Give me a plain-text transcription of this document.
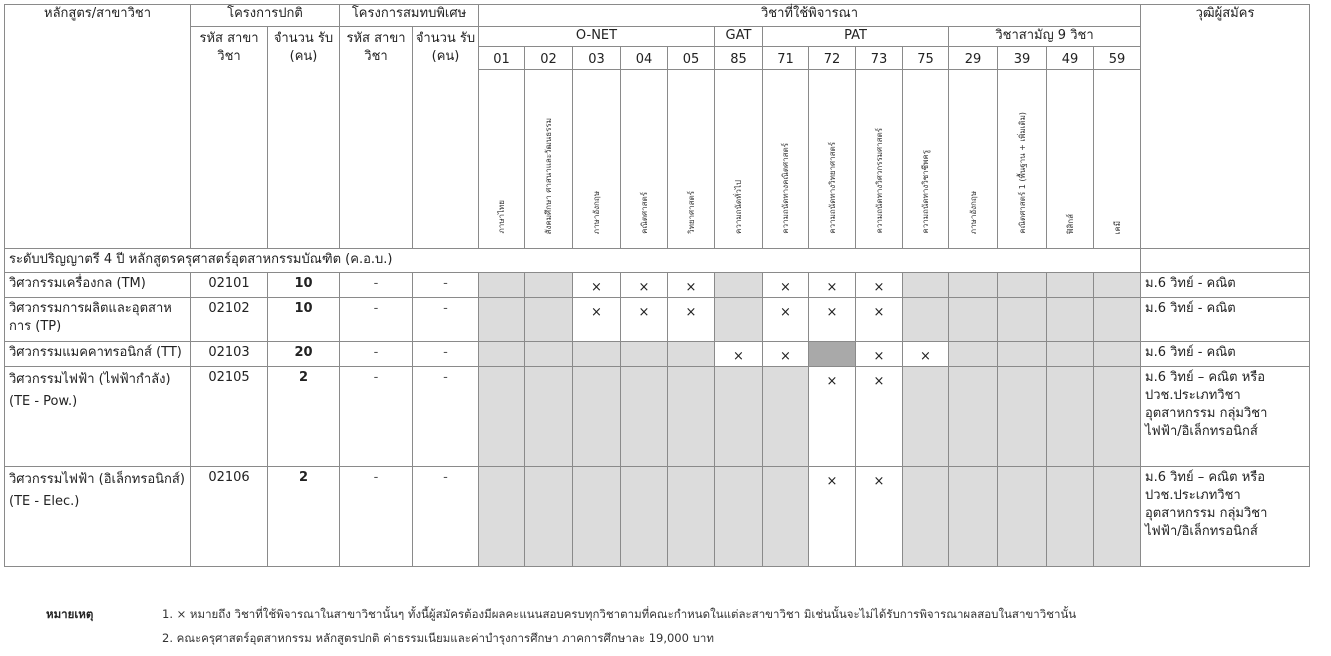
หลักสูตร/สาขาวิชา	โครงการปกติ		โครงการสมทบพิเศษ		วิชาที่ใช้พิจารณา														วุฒิผู้สมัคร
	รหัส สาขา วิชา	จำนวน รับ (คน)	รหัส สาขา วิชา	จำนวน รับ (คน)	O-NET					GAT	PAT				วิชาสามัญ 9 วิชา				
					01	02	03	04	05	85	71	72	73	75	29	39	49	59	
					ภาษาไทย	สังคมศึกษา ศาสนาและวัฒนธรรม	ภาษาอังกฤษ	คณิตศาสตร์	วิทยาศาสตร์	ความถนัดทั่วไป	ความถนัดทางคณิตศาสตร์	ความถนัดทางวิทยาศาสตร์	ความถนัดทางวิศวกรรมศาสตร์	ความถนัดทางวิชาชีพครู	ภาษาอังกฤษ	คณิตศาสตร์ 1 (พื้นฐาน + เพิ่มเติม)	ฟิสิกส์	เคมี	
ระดับปริญญาตรี 4 ปี หลักสูตรครุศาสตร์อุตสาหกรรมบัณฑิต (ค.อ.บ.)																			
วิศวกรรมเครื่องกล (TM)	02101	10	-	-			×	×	×		×	×	×						ม.6 วิทย์ - คณิต
วิศวกรรมการผลิตและอุตสาหการ (TP)	02102	10	-	-			×	×	×		×	×	×						ม.6 วิทย์ - คณิต
วิศวกรรมแมคคาทรอนิกส์ (TT)	02103	20	-	-						×	×		×	×					ม.6 วิทย์ - คณิต
วิศวกรรมไฟฟ้า (ไฟฟ้ากำลัง) (TE - Pow.)	02105	2	-	-								×	×						ม.6 วิทย์ – คณิต หรือ ปวช.ประเภทวิชา อุตสาหกรรม กลุ่มวิชา ไฟฟ้า/อิเล็กทรอนิกส์
วิศวกรรมไฟฟ้า (อิเล็กทรอนิกส์) (TE - Elec.)	02106	2	-	-								×	×						ม.6 วิทย์ – คณิต หรือ ปวช.ประเภทวิชา อุตสาหกรรม กลุ่มวิชา ไฟฟ้า/อิเล็กทรอนิกส์
หมายเหตุ	1. × หมายถึง วิชาที่ใช้พิจารณาในสาขาวิชานั้นๆ ทั้งนี้ผู้สมัครต้องมีผลคะแนนสอบครบทุกวิชาตามที่คณะกำหนดในแต่ละสาขาวิชา มิเช่นนั้นจะไม่ได้รับการพิจารณาผลสอบในสาขาวิชานั้น
2. คณะครุศาสตร์อุตสาหกรรม หลักสูตรปกติ ค่าธรรมเนียมและค่าบำรุงการศึกษา ภาคการศึกษาละ 19,000 บาท
